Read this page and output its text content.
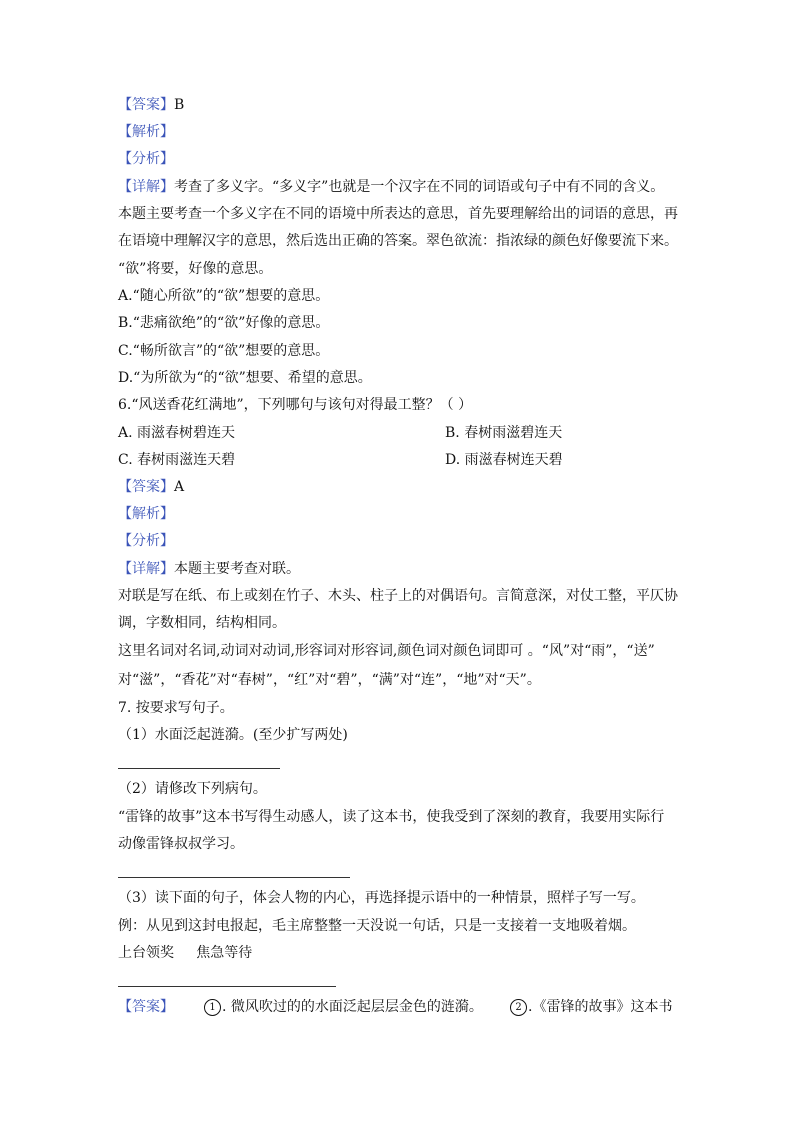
【答案】B
【解析】
【分析】
【详解】考查了多义字。“多义字”也就是一个汉字在不同的词语或句子中有不同的含义。
本题主要考查一个多义字在不同的语境中所表达的意思，首先要理解给出的词语的意思，再
在语境中理解汉字的意思，然后选出正确的答案。翠色欲流：指浓绿的颜色好像要流下来。
“欲”将要，好像的意思。
A.“随心所欲”的“欲”想要的意思。
B.“悲痛欲绝”的“欲”好像的意思。
C.“畅所欲言”的“欲”想要的意思。
D.“为所欲为“的“欲”想要、希望的意思。
6.“风送香花红满地”，下列哪句与该句对得最工整？（ ）
A. 雨滋春树碧连天	B. 春树雨滋碧连天
C. 春树雨滋连天碧	D. 雨滋春树连天碧
【答案】A
【解析】
【分析】
【详解】本题主要考查对联。
对联是写在纸、布上或刻在竹子、木头、柱子上的对偶语句。言简意深，对仗工整，平仄协
调，字数相同，结构相同。
这里名词对名词,动词对动词,形容词对形容词,颜色词对颜色词即可 。“风”对“雨”，“送”
对“滋”，“香花”对“春树”，“红”对“碧”，“满”对“连”，“地”对“天”。
7. 按要求写句子。
（1）水面泛起涟漪。(至少扩写两处)
（2）请修改下列病句。
“雷锋的故事”这本书写得生动感人，读了这本书，使我受到了深刻的教育，我要用实际行
动像雷锋叔叔学习。
（3）读下面的句子，体会人物的内心，再选择提示语中的一种情景，照样子写一写。
例：从见到这封电报起，毛主席整整一天没说一句话，只是一支接着一支地吸着烟。
上台领奖     焦急等待
【答案】	1 . 微风吹过的的水面泛起层层金色的涟漪。	2 .《雷锋的故事》这本书
